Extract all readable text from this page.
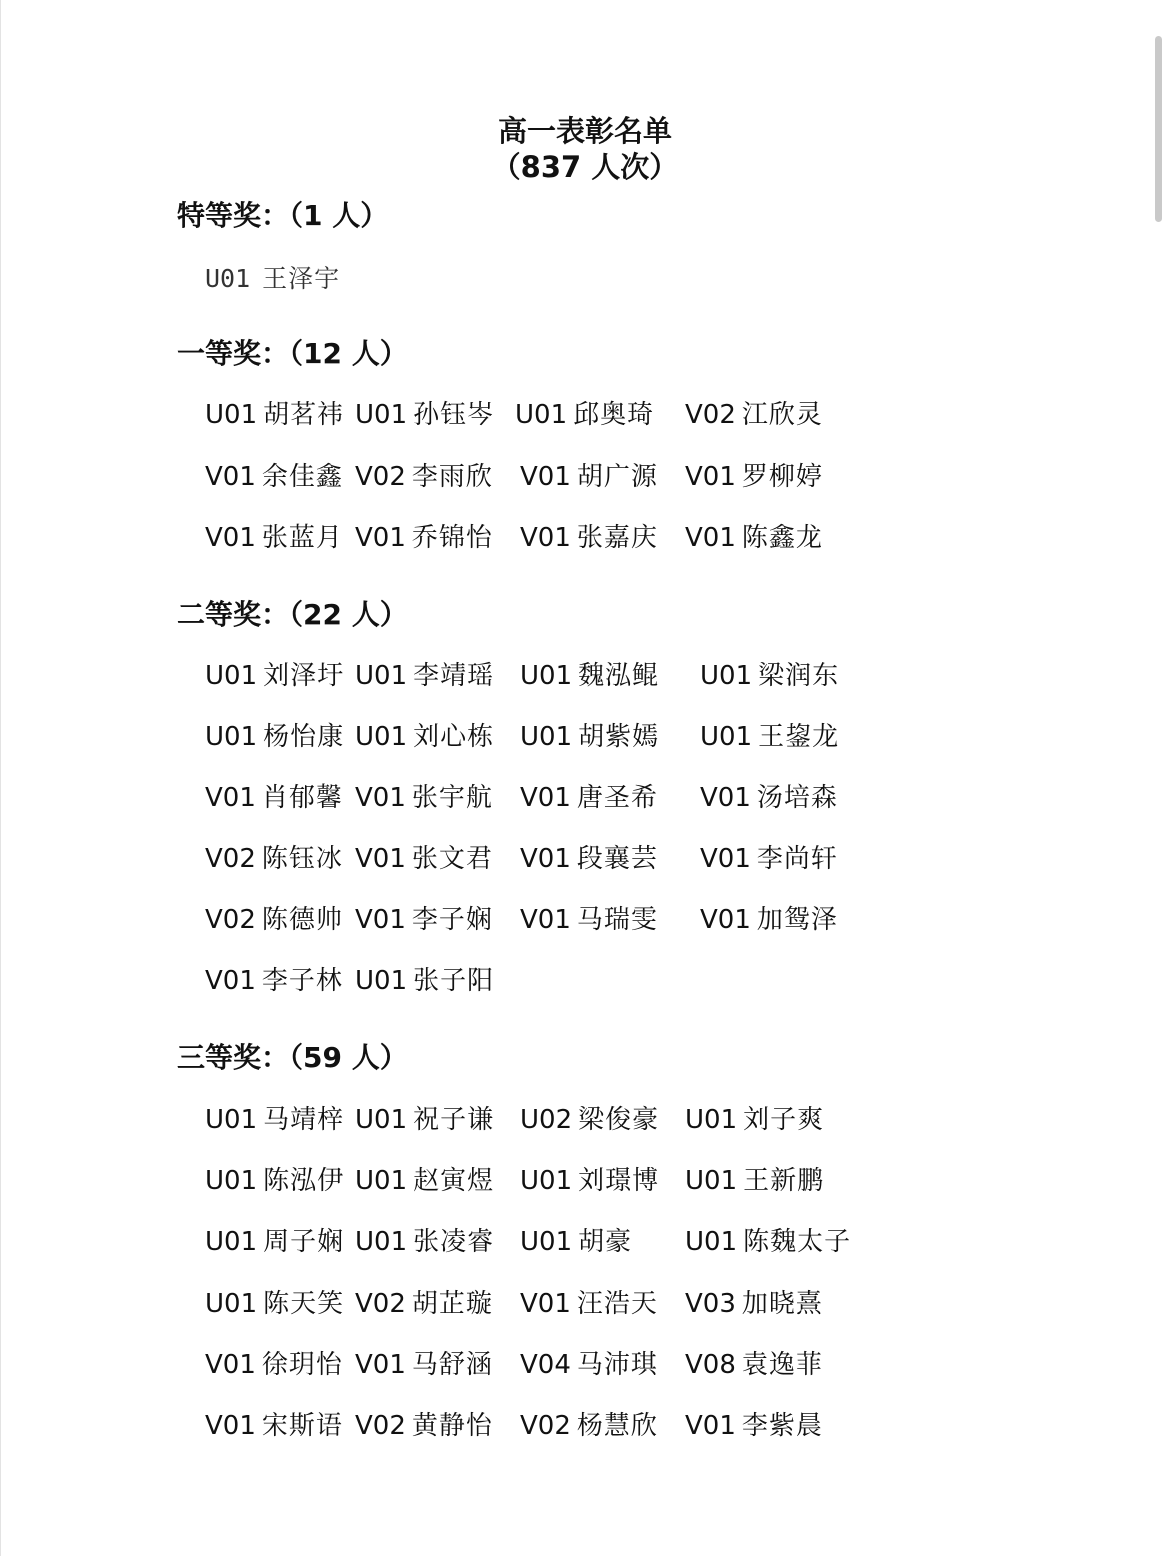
高一表彰名单
（837 人次）
特等奖：（1 人）
U01 王泽宇
一等奖：（12 人）
U01 胡茗祎 U01 孙钰岑 U01 邱奥琦 V02 江欣灵
V01 余佳鑫 V02 李雨欣 V01 胡广源 V01 罗柳婷
V01 张蓝月 V01 乔锦怡 V01 张嘉庆 V01 陈鑫龙
二等奖：（22 人）
U01 刘泽圩 U01 李靖瑶 U01 魏泓鲲 U01 梁润东
U01 杨怡康 U01 刘心栋 U01 胡紫嫣 U01 王鋆龙
V01 肖郁馨 V01 张宇航 V01 唐圣希 V01 汤培森
V02 陈钰冰 V01 张文君 V01 段襄芸 V01 李尚轩
V02 陈德帅 V01 李子娴 V01 马瑞雯 V01 加鸳泽
V01 李子林 U01 张子阳
三等奖：（59 人）
U01 马靖梓 U01 祝子谦 U02 梁俊豪 U01 刘子爽
U01 陈泓伊 U01 赵寅煜 U01 刘璟博 U01 王新鹏
U01 周子娴 U01 张凌睿 U01 胡豪 U01 陈魏太子
U01 陈天笑 V02 胡芷璇 V01 汪浩天 V03 加晓熹
V01 徐玥怡 V01 马舒涵 V04 马沛琪 V08 袁逸菲
V01 宋斯语 V02 黄静怡 V02 杨慧欣 V01 李紫晨
